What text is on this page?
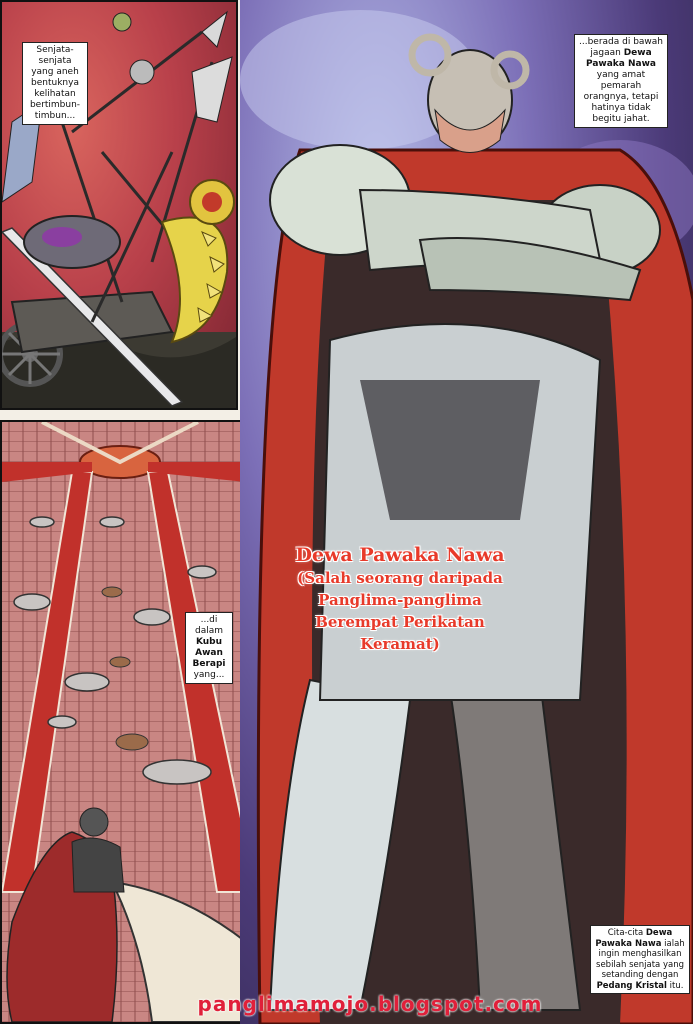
Senjata-senjata yang aneh bentuknya kelihatan bertimbun-timbun...
...di dalam
Kubu Awan Berapi
yang...
...berada di bawah jagaan Dewa Pawaka Nawa yang amat pemarah orangnya, tetapi hatinya tidak begitu jahat.
Dewa Pawaka Nawa
(Salah seorang daripada Panglima-panglima Berempat Perikatan Keramat)
Cita-cita Dewa Pawaka Nawa ialah ingin menghasilkan sebilah senjata yang setanding dengan Pedang Kristal itu.
panglimamojo.blogspot.com
